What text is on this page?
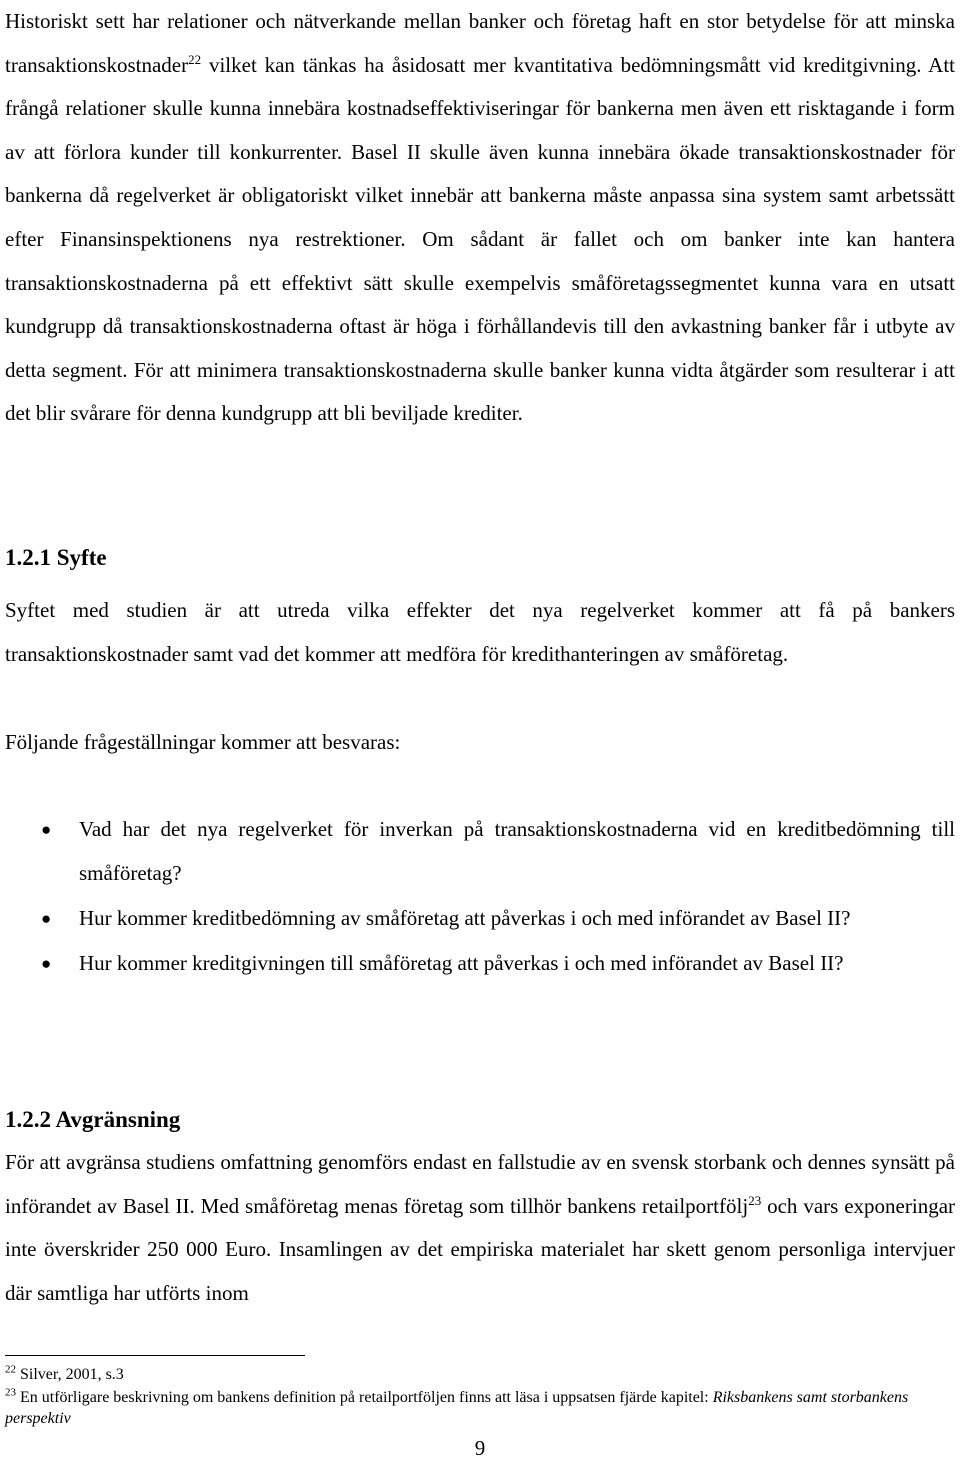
Historiskt sett har relationer och nätverkande mellan banker och företag haft en stor betydelse för att minska transaktionskostnader$^{22}$ vilket kan tänkas ha åsidosatt mer kvantitativa bedömningsmått vid kreditgivning. Att frångå relationer skulle kunna innebära kostnadseffektiviseringar för bankerna men även ett risktagande i form av att förlora kunder till konkurrenter. Basel II skulle även kunna innebära ökade transaktionskostnader för bankerna då regelverket är obligatoriskt vilket innebär att bankerna måste anpassa sina system samt arbetssätt efter Finansinspektionens nya restrektioner. Om sådant är fallet och om banker inte kan hantera transaktionskostnaderna på ett effektivt sätt skulle exempelvis småföretagssegmentet kunna vara en utsatt kundgrupp då transaktionskostnaderna oftast är höga i förhållandevis till den avkastning banker får i utbyte av detta segment. För att minimera transaktionskostnaderna skulle banker kunna vidta åtgärder som resulterar i att det blir svårare för denna kundgrupp att bli beviljade krediter.

1.2.1 Syfte

Syftet med studien är att utreda vilka effekter det nya regelverket kommer att få på bankers transaktionskostnader samt vad det kommer att medföra för kredithanteringen av småföretag.

Följande frågeställningar kommer att besvaras:

● Vad har det nya regelverket för inverkan på transaktionskostnaderna vid en kreditbedömning till småföretag?
● Hur kommer kreditbedömning av småföretag att påverkas i och med införandet av Basel II?
● Hur kommer kreditgivningen till småföretag att påverkas i och med införandet av Basel II?
1.2.2 Avgränsning

För att avgränsa studiens omfattning genomförs endast en fallstudie av en svensk storbank och dennes synsätt på införandet av Basel II. Med småföretag menas företag som tillhör bankens retailportfölj$^{23}$ och vars exponeringar inte överskrider 250 000 Euro. Insamlingen av det empiriska materialet har skett genom personliga intervjuer där samtliga har utförts inom

$^{22}$ Silver, 2001, s.3

$^{23}$ En utförligare beskrivning om bankens definition på retailportföljen finns att läsa i uppsatsen fjärde kapitel: Riksbankens samt storbankens perspektiv

9
